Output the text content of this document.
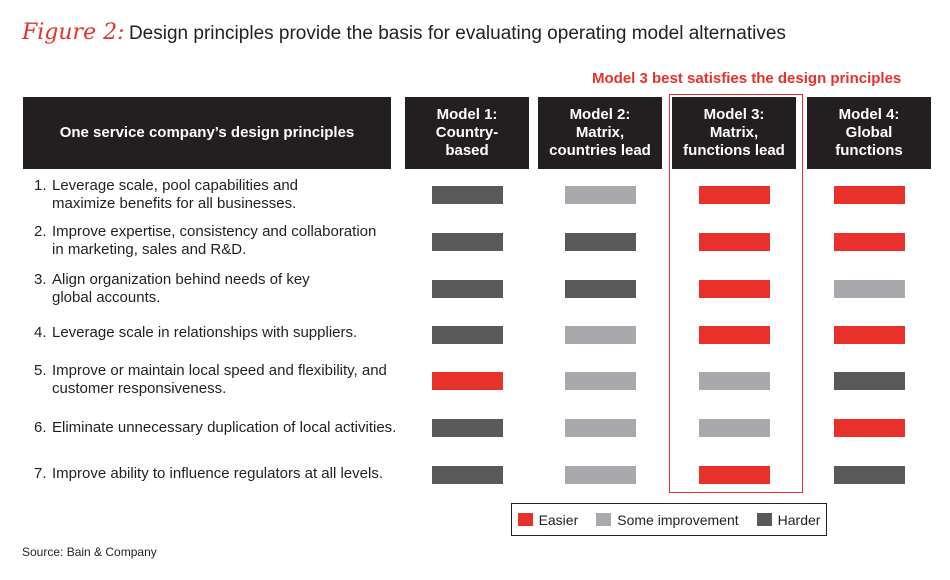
Figure 2: Design principles provide the basis for evaluating operating model alternatives
Model 3 best satisfies the design principles
One service company’s design principles
Model 1:
Country-
based
Model 2:
Matrix,
countries lead
Model 3:
Matrix,
functions lead
Model 4:
Global
functions
1. Leverage scale, pool capabilities and
maximize benefits for all businesses.
2. Improve expertise, consistency and collaboration
in marketing, sales and R&D.
3. Align organization behind needs of key
global accounts.
4. Leverage scale in relationships with suppliers.
5. Improve or maintain local speed and flexibility, and
customer responsiveness.
6. Eliminate unnecessary duplication of local activities.
7. Improve ability to influence regulators at all levels.
Easier	Some improvement	Harder
Source: Bain & Company
